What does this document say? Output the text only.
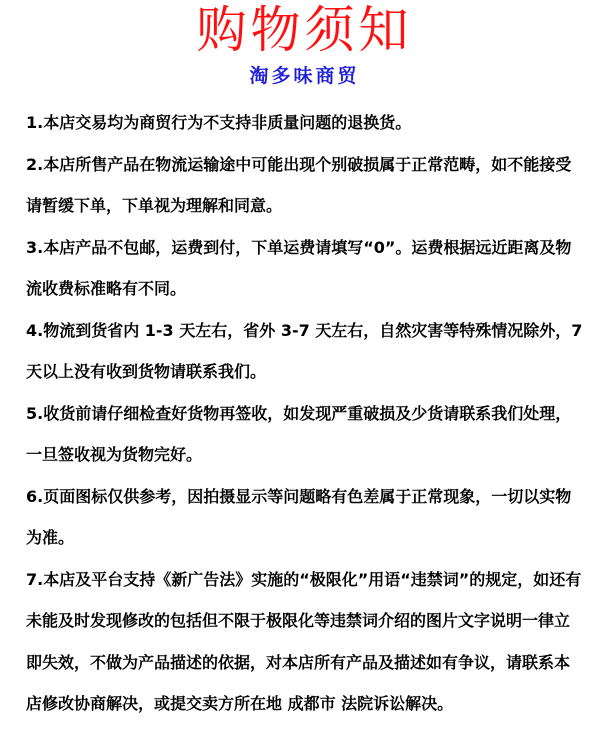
购物须知
淘多味商贸
1.本店交易均为商贸行为不支持非质量问题的退换货。
2.本店所售产品在物流运输途中可能出现个别破损属于正常范畴，如不能接受请暂缓下单，下单视为理解和同意。
3.本店产品不包邮，运费到付，下单运费请填写“0”。运费根据远近距离及物流收费标准略有不同。
4.物流到货省内 1-3 天左右，省外 3-7 天左右，自然灾害等特殊情况除外，7 天以上没有收到货物请联系我们。
5.收货前请仔细检查好货物再签收，如发现严重破损及少货请联系我们处理，一旦签收视为货物完好。
6.页面图标仅供参考，因拍摄显示等问题略有色差属于正常现象，一切以实物为准。
7.本店及平台支持《新广告法》实施的“极限化”用语“违禁词”的规定，如还有未能及时发现修改的包括但不限于极限化等违禁词介绍的图片文字说明一律立即失效，不做为产品描述的依据，对本店所有产品及描述如有争议，请联系本店修改协商解决，或提交卖方所在地 成都市 法院诉讼解决。
